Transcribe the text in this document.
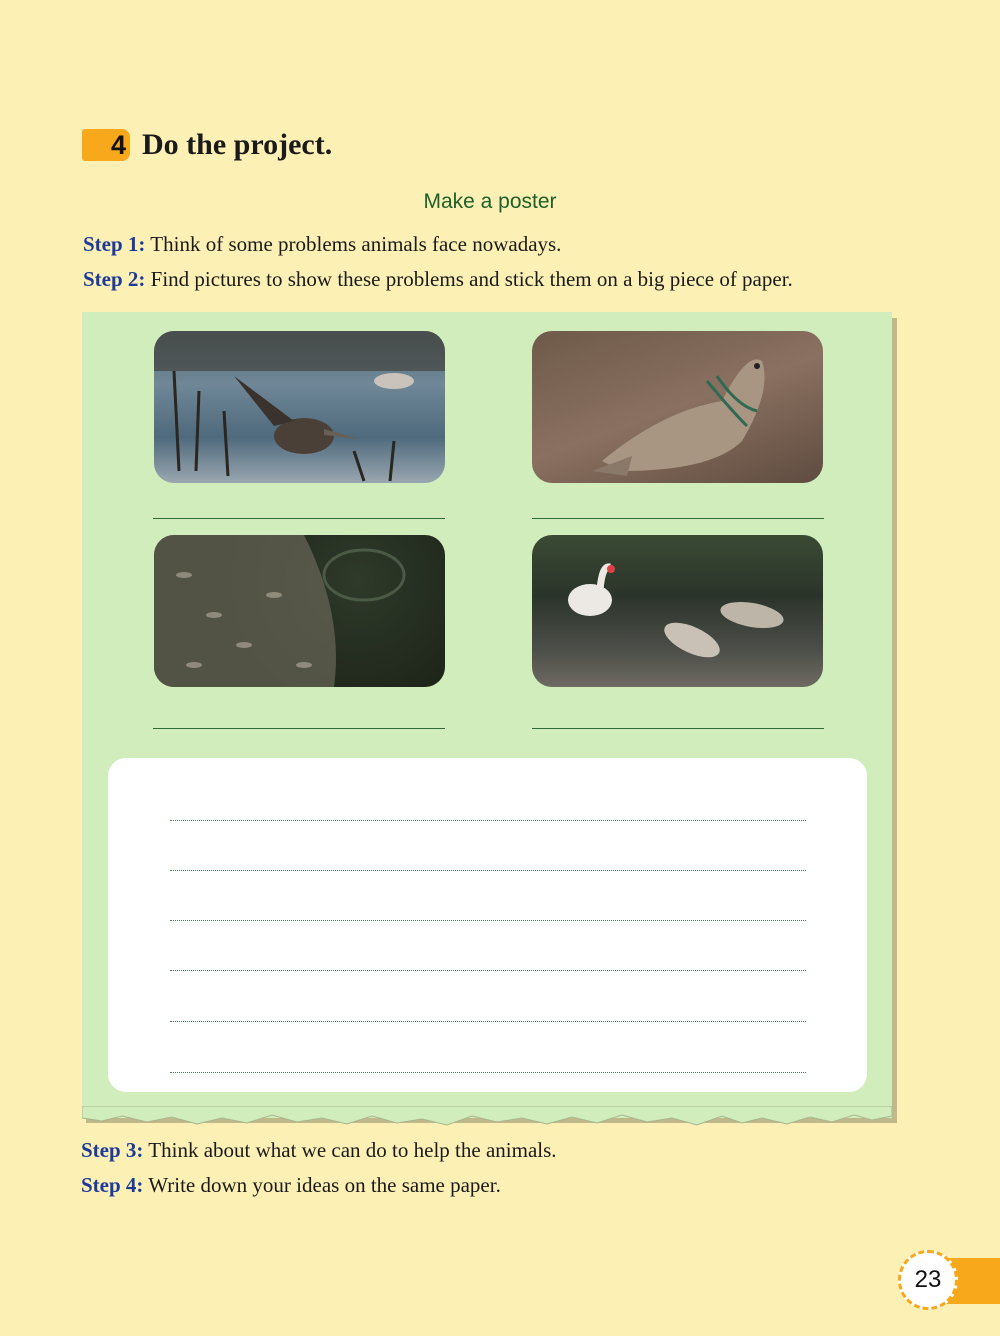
4 Do the project.
Make a poster
Step 1: Think of some problems animals face nowadays.
Step 2: Find pictures to show these problems and stick them on a big piece of paper.
Step 3: Think about what we can do to help the animals.
Step 4: Write down your ideas on the same paper.
23
